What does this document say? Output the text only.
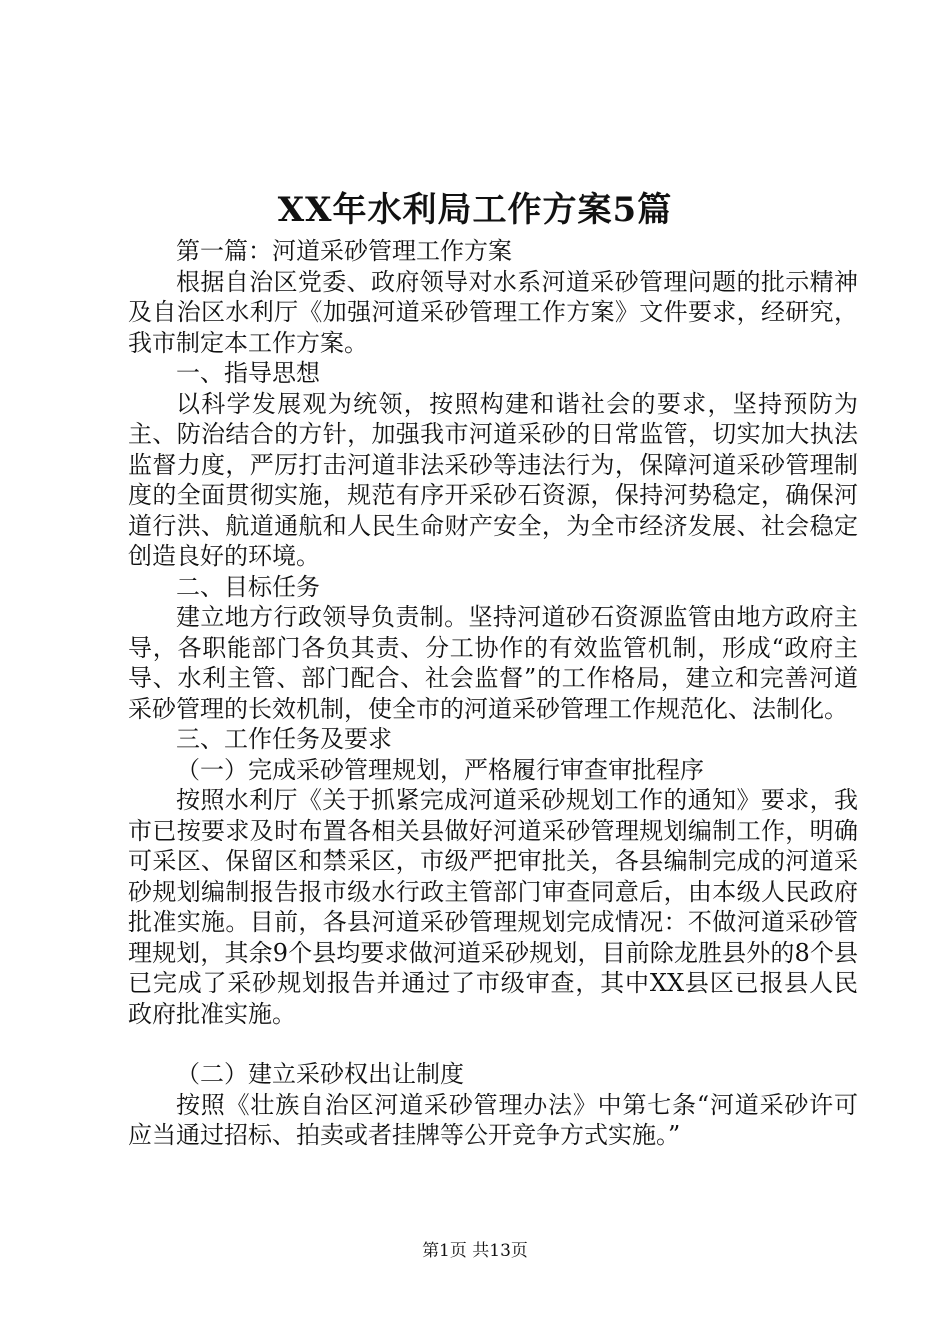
XX年水利局工作方案5篇

第一篇：河道采砂管理工作方案

根据自治区党委、政府领导对水系河道采砂管理问题的批示精神及自治区水利厅《加强河道采砂管理工作方案》文件要求，经研究，我市制定本工作方案。

一、指导思想

以科学发展观为统领，按照构建和谐社会的要求，坚持预防为主、防治结合的方针，加强我市河道采砂的日常监管，切实加大执法监督力度，严厉打击河道非法采砂等违法行为，保障河道采砂管理制度的全面贯彻实施，规范有序开采砂石资源，保持河势稳定，确保河道行洪、航道通航和人民生命财产安全，为全市经济发展、社会稳定创造良好的环境。

二、目标任务

建立地方行政领导负责制。坚持河道砂石资源监管由地方政府主导，各职能部门各负其责、分工协作的有效监管机制，形成“政府主导、水利主管、部门配合、社会监督”的工作格局，建立和完善河道采砂管理的长效机制，使全市的河道采砂管理工作规范化、法制化。

三、工作任务及要求

（一）完成采砂管理规划，严格履行审查审批程序

按照水利厅《关于抓紧完成河道采砂规划工作的通知》要求，我市已按要求及时布置各相关县做好河道采砂管理规划编制工作，明确可采区、保留区和禁采区，市级严把审批关，各县编制完成的河道采砂规划编制报告报市级水行政主管部门审查同意后，由本级人民政府批准实施。目前，各县河道采砂管理规划完成情况：不做河道采砂管理规划，其余9个县均要求做河道采砂规划，目前除龙胜县外的8个县已完成了采砂规划报告并通过了市级审查，其中XX县区已报县人民政府批准实施。

（二）建立采砂权出让制度

按照《壮族自治区河道采砂管理办法》中第七条“河道采砂许可应当通过招标、拍卖或者挂牌等公开竞争方式实施。”

第1页 共13页
